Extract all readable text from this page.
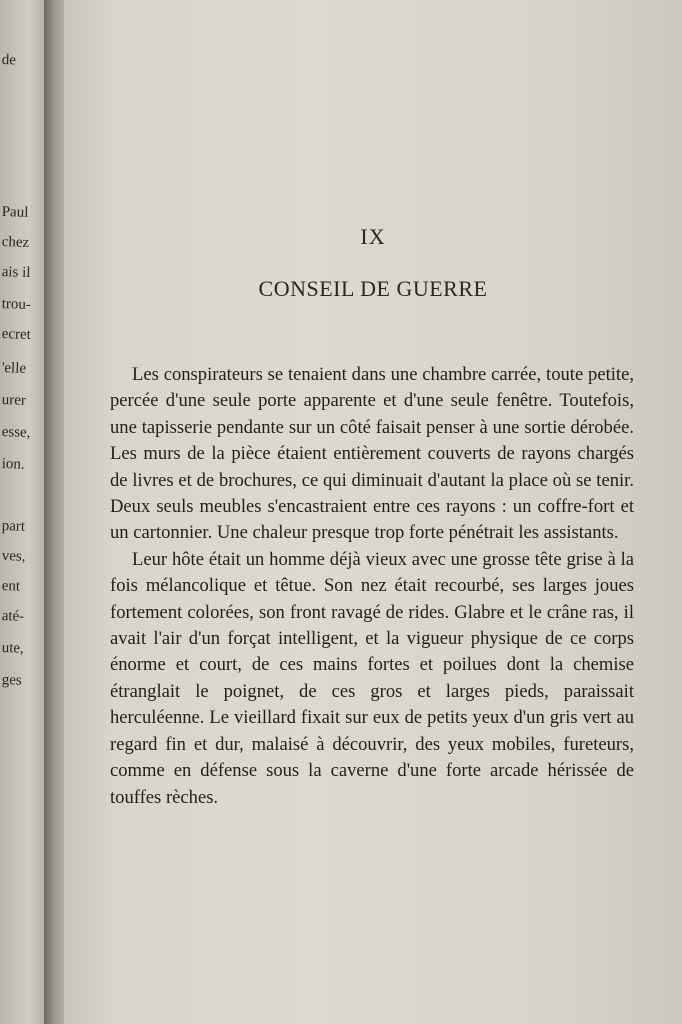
de
Paul
chez
ais il
trou-
ecret
'elle
urer
esse,
ion.
part
ves,
ent
até-
ute,
ges
IX
CONSEIL DE GUERRE

Les conspirateurs se tenaient dans une chambre carrée, toute petite, percée d'une seule porte apparente et d'une seule fenêtre. Toutefois, une tapisserie pendante sur un côté faisait penser à une sortie dérobée. Les murs de la pièce étaient entièrement couverts de rayons chargés de livres et de brochures, ce qui diminuait d'autant la place où se tenir. Deux seuls meubles s'encastraient entre ces rayons : un coffre-fort et un cartonnier. Une chaleur presque trop forte pénétrait les assistants.

Leur hôte était un homme déjà vieux avec une grosse tête grise à la fois mélancolique et têtue. Son nez était recourbé, ses larges joues fortement colorées, son front ravagé de rides. Glabre et le crâne ras, il avait l'air d'un forçat intelligent, et la vigueur physique de ce corps énorme et court, de ces mains fortes et poilues dont la chemise étranglait le poignet, de ces gros et larges pieds, paraissait herculéenne. Le vieillard fixait sur eux de petits yeux d'un gris vert au regard fin et dur, malaisé à découvrir, des yeux mobiles, fureteurs, comme en défense sous la caverne d'une forte arcade hérissée de touffes rèches.
